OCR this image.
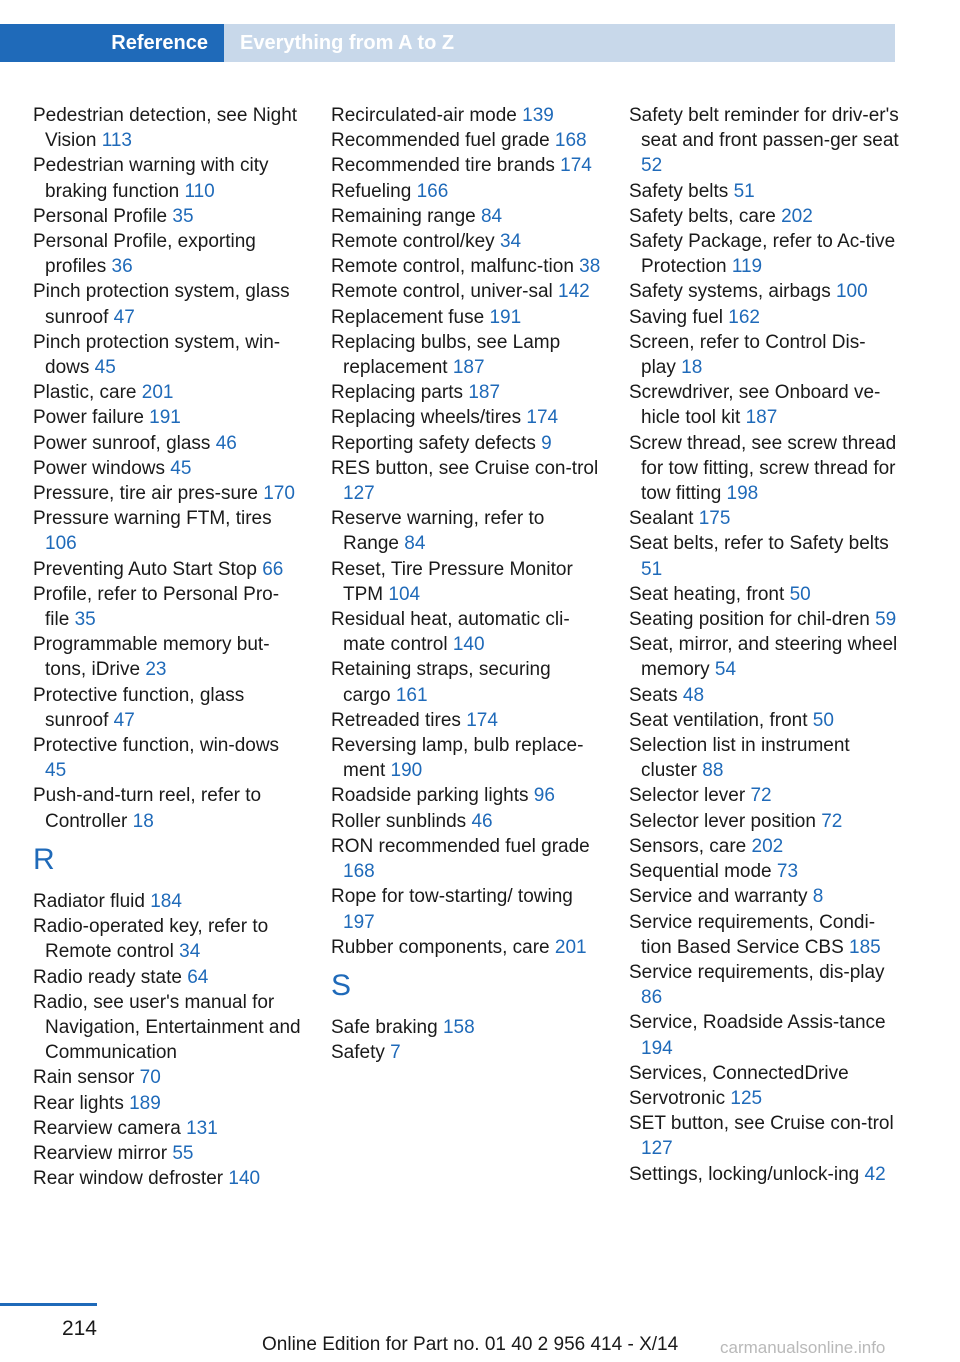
Reference	Everything from A to Z
Pedestrian detection, see Night Vision 113
Pedestrian warning with city braking function 110
Personal Profile 35
Personal Profile, exporting profiles 36
Pinch protection system, glass sunroof 47
Pinch protection system, win-dows 45
Plastic, care 201
Power failure 191
Power sunroof, glass 46
Power windows 45
Pressure, tire air pres-sure 170
Pressure warning FTM, tires 106
Preventing Auto Start Stop 66
Profile, refer to Personal Pro-file 35
Programmable memory but-tons, iDrive 23
Protective function, glass sunroof 47
Protective function, win-dows 45
Push-and-turn reel, refer to Controller 18
R
Radiator fluid 184
Radio-operated key, refer to Remote control 34
Radio ready state 64
Radio, see user's manual for Navigation, Entertainment and Communication
Rain sensor 70
Rear lights 189
Rearview camera 131
Rearview mirror 55
Rear window defroster 140
Recirculated-air mode 139
Recommended fuel grade 168
Recommended tire brands 174
Refueling 166
Remaining range 84
Remote control/key 34
Remote control, malfunc-tion 38
Remote control, univer-sal 142
Replacement fuse 191
Replacing bulbs, see Lamp replacement 187
Replacing parts 187
Replacing wheels/tires 174
Reporting safety defects 9
RES button, see Cruise con-trol 127
Reserve warning, refer to Range 84
Reset, Tire Pressure Monitor TPM 104
Residual heat, automatic cli-mate control 140
Retaining straps, securing cargo 161
Retreaded tires 174
Reversing lamp, bulb replace-ment 190
Roadside parking lights 96
Roller sunblinds 46
RON recommended fuel grade 168
Rope for tow-starting/ towing 197
Rubber components, care 201
S
Safe braking 158
Safety 7
Safety belt reminder for driv-er's seat and front passen-ger seat 52
Safety belts 51
Safety belts, care 202
Safety Package, refer to Ac-tive Protection 119
Safety systems, airbags 100
Saving fuel 162
Screen, refer to Control Dis-play 18
Screwdriver, see Onboard ve-hicle tool kit 187
Screw thread, see screw thread for tow fitting, screw thread for tow fitting 198
Sealant 175
Seat belts, refer to Safety belts 51
Seat heating, front 50
Seating position for chil-dren 59
Seat, mirror, and steering wheel memory 54
Seats 48
Seat ventilation, front 50
Selection list in instrument cluster 88
Selector lever 72
Selector lever position 72
Sensors, care 202
Sequential mode 73
Service and warranty 8
Service requirements, Condi-tion Based Service CBS 185
Service requirements, dis-play 86
Service, Roadside Assis-tance 194
Services, ConnectedDrive
Servotronic 125
SET button, see Cruise con-trol 127
Settings, locking/unlock-ing 42
214
Online Edition for Part no. 01 40 2 956 414 - X/14 carmanualsonline.info
